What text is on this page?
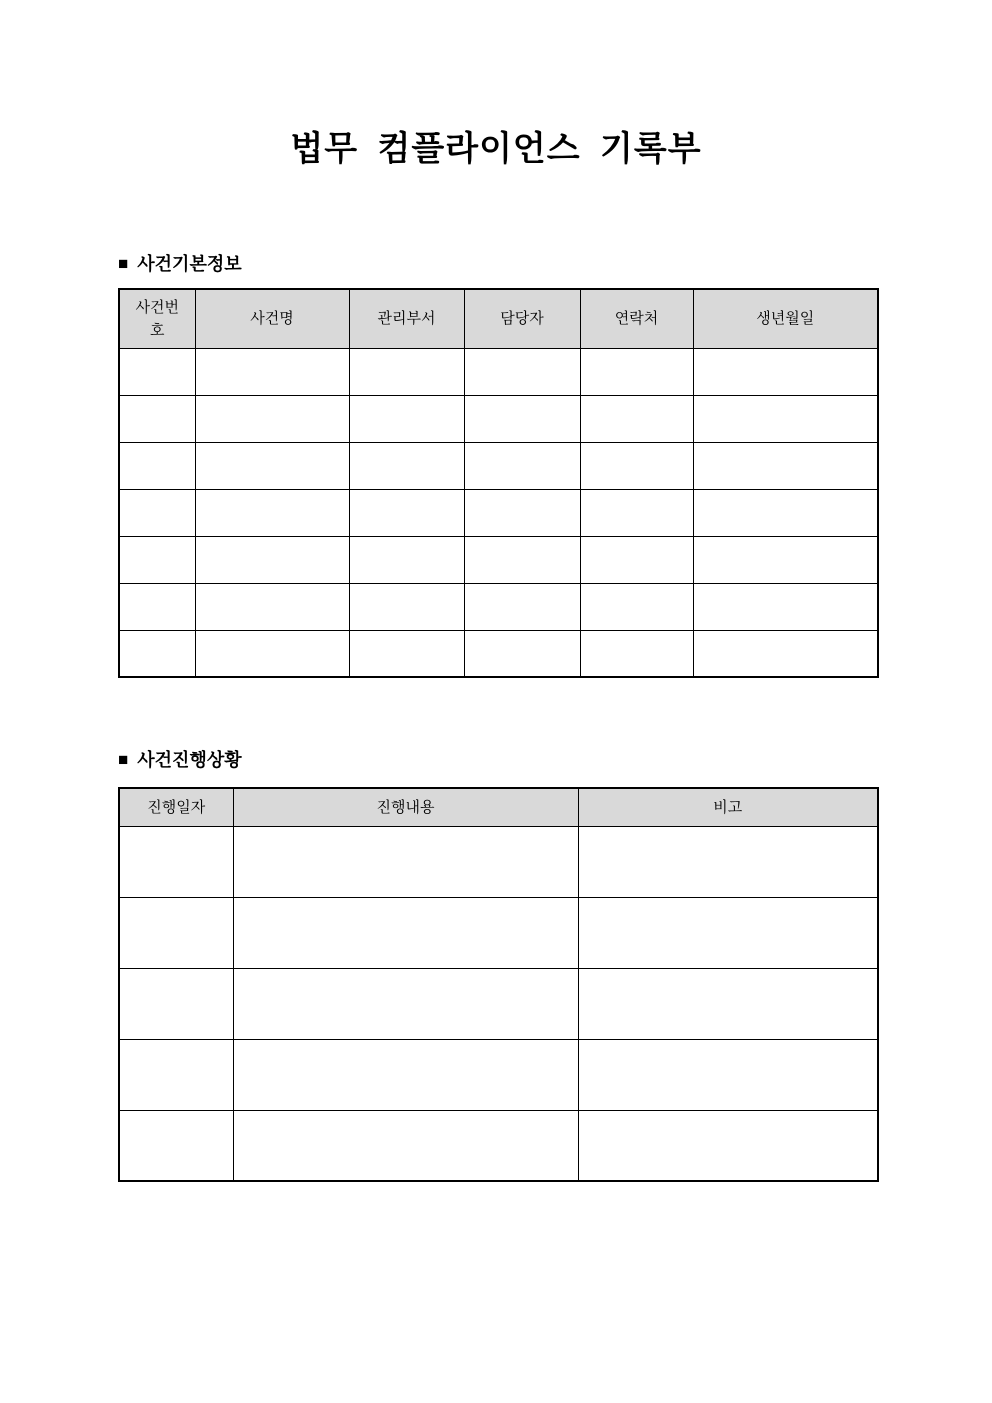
법무 컴플라이언스 기록부
■ 사건기본정보
사건번호	사건명	관리부서	담당자	연락처	생년월일

■ 사건진행상황
진행일자	진행내용	비고
